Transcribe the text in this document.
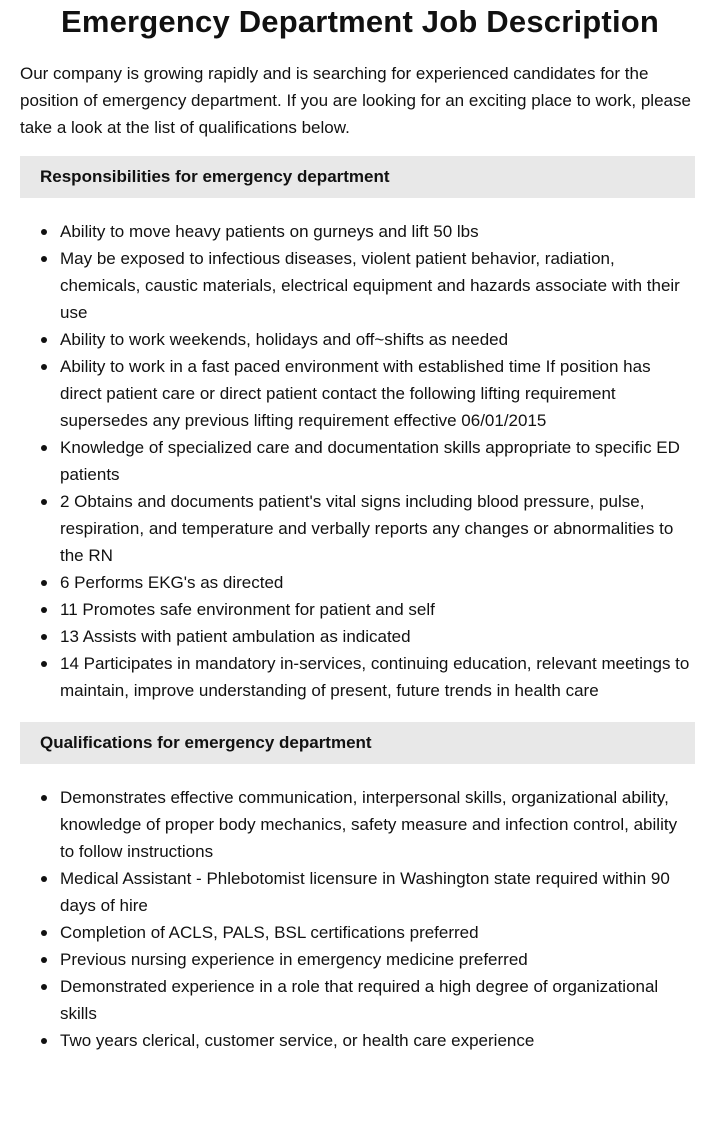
Emergency Department Job Description

Our company is growing rapidly and is searching for experienced candidates for the position of emergency department. If you are looking for an exciting place to work, please take a look at the list of qualifications below.

Responsibilities for emergency department
Ability to move heavy patients on gurneys and lift 50 lbs
May be exposed to infectious diseases, violent patient behavior, radiation, chemicals, caustic materials, electrical equipment and hazards associate with their use
Ability to work weekends, holidays and off~shifts as needed
Ability to work in a fast paced environment with established time If position has direct patient care or direct patient contact the following lifting requirement supersedes any previous lifting requirement effective 06/01/2015
Knowledge of specialized care and documentation skills appropriate to specific ED patients
2 Obtains and documents patient's vital signs including blood pressure, pulse, respiration, and temperature and verbally reports any changes or abnormalities to the RN
6 Performs EKG's as directed
11 Promotes safe environment for patient and self
13 Assists with patient ambulation as indicated
14 Participates in mandatory in-services, continuing education, relevant meetings to maintain, improve understanding of present, future trends in health care
Qualifications for emergency department
Demonstrates effective communication, interpersonal skills, organizational ability, knowledge of proper body mechanics, safety measure and infection control, ability to follow instructions
Medical Assistant - Phlebotomist licensure in Washington state required within 90 days of hire
Completion of ACLS, PALS, BSL certifications preferred
Previous nursing experience in emergency medicine preferred
Demonstrated experience in a role that required a high degree of organizational skills
Two years clerical, customer service, or health care experience
